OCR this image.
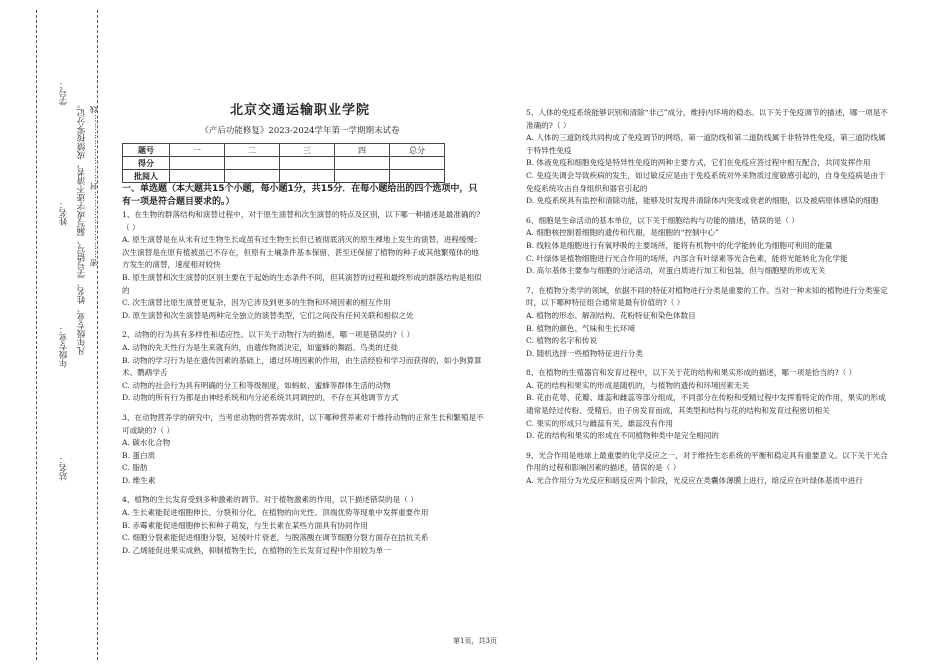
学号：
姓名：
年级专业：
站名：
凡年级专业、姓名、学号错写、漏写或字迹不清者，成绩按零分记。 密……………………封……………………线	北京交通运输职业学院
《产后功能修复》2023-2024学年第一学期期末试卷
题号	一	二	三	四	总分
得分					
批阅人					
一、单选题（本大题共15个小题，每小题1分，共15分．在每小题给出的四个选项中，只有一项是符合题目要求的。）

1、在生物的群落结构和演替过程中，对于原生演替和次生演替的特点及区别，以下哪一种描述是最准确的?（ ）

A. 原生演替是在从未有过生物生长或虽有过生物生长但已被彻底消灭的原生裸地上发生的演替，进程缓慢；次生演替是在原有植被虽已不存在，但原有土壤条件基本保留，甚至还保留了植物的种子或其他繁殖体的地方发生的演替，速度相对较快

B. 原生演替和次生演替的区别主要在于起始的生态条件不同，但其演替的过程和最终形成的群落结构是相似的

C. 次生演替比原生演替更复杂，因为它涉及到更多的生物和环境因素的相互作用

D. 原生演替和次生演替是两种完全独立的演替类型，它们之间没有任何关联和相似之处

2、动物的行为具有多样性和适应性。以下关于动物行为的描述，哪一项是错误的?（ ）

A. 动物的先天性行为是生来就有的，由遗传物质决定，如蜜蜂的舞蹈、鸟类的迁徙

B. 动物的学习行为是在遗传因素的基础上，通过环境因素的作用，由生活经验和学习而获得的，如小狗算算术、鹦鹉学舌

C. 动物的社会行为具有明确的分工和等级制度，如蚂蚁、蜜蜂等群体生活的动物

D. 动物的所有行为都是由神经系统和内分泌系统共同调控的，不存在其他调节方式

3、在动物营养学的研究中，当考虑动物的营养需求时，以下哪种营养素对于维持动物的正常生长和繁殖是不可或缺的?（ ）

A. 碳水化合物

B. 蛋白质

C. 脂肪

D. 维生素

4、植物的生长发育受到多种激素的调节。对于植物激素的作用，以下描述错误的是（ ）

A. 生长素能促进细胞伸长、分裂和分化，在植物的向光性、顶端优势等现象中发挥重要作用

B. 赤霉素能促进细胞伸长和种子萌发，与生长素在某些方面具有协同作用

C. 细胞分裂素能促进细胞分裂，延缓叶片衰老，与脱落酸在调节细胞分裂方面存在拮抗关系

D. 乙烯能促进果实成熟，抑制植物生长，在植物的生长发育过程中作用较为单一

5、人体的免疫系统能够识别和清除“非己”成分，维持内环境的稳态。以下关于免疫调节的描述，哪一项是不准确的?（ ）

A. 人体的三道防线共同构成了免疫调节的网络，第一道防线和第二道防线属于非特异性免疫，第三道防线属于特异性免疫

B. 体液免疫和细胞免疫是特异性免疫的两种主要方式，它们在免疫应答过程中相互配合，共同发挥作用

C. 免疫失调会导致疾病的发生，如过敏反应是由于免疫系统对外来物质过度敏感引起的，自身免疫病是由于免疫系统攻击自身组织和器官引起的

D. 免疫系统具有监控和清除功能，能够及时发现并清除体内突变或衰老的细胞，以及被病原体感染的细胞

6、细胞是生命活动的基本单位，以下关于细胞结构与功能的描述，错误的是（ ）

A. 细胞核控制着细胞的遗传和代谢，是细胞的“控制中心”

B. 线粒体是细胞进行有氧呼吸的主要场所，能将有机物中的化学能转化为细胞可利用的能量

C. 叶绿体是植物细胞进行光合作用的场所，内部含有叶绿素等光合色素，能将光能转化为化学能

D. 高尔基体主要参与细胞的分泌活动，对蛋白质进行加工和包装，但与细胞壁的形成无关

7、在植物分类学的领域，依据不同的特征对植物进行分类是重要的工作。当对一种未知的植物进行分类鉴定时，以下哪种特征组合通常是最有价值的?（ ）

A. 植物的形态、解剖结构、花粉特征和染色体数目

B. 植物的颜色、气味和生长环境

C. 植物的名字和传说

D. 随机选择一些植物特征进行分类

8、在植物的生殖器官和发育过程中，以下关于花的结构和果实形成的描述，哪一项是恰当的?（ ）

A. 花的结构和果实的形成是随机的，与植物的遗传和环境因素无关

B. 花由花萼、花瓣、雄蕊和雌蕊等部分组成，不同部分在传粉和受精过程中发挥着特定的作用，果实的形成通常是经过传粉、受精后，由子房发育而成，其类型和结构与花的结构和发育过程密切相关

C. 果实的形成只与雌蕊有关，雄蕊没有作用

D. 花的结构和果实的形成在不同植物种类中是完全相同的

9、光合作用是地球上最重要的化学反应之一，对于维持生态系统的平衡和稳定具有重要意义。以下关于光合作用的过程和影响因素的描述，错误的是（ ）

A. 光合作用分为光反应和暗反应两个阶段，光反应在类囊体薄膜上进行，暗反应在叶绿体基质中进行

第1页，共3页
